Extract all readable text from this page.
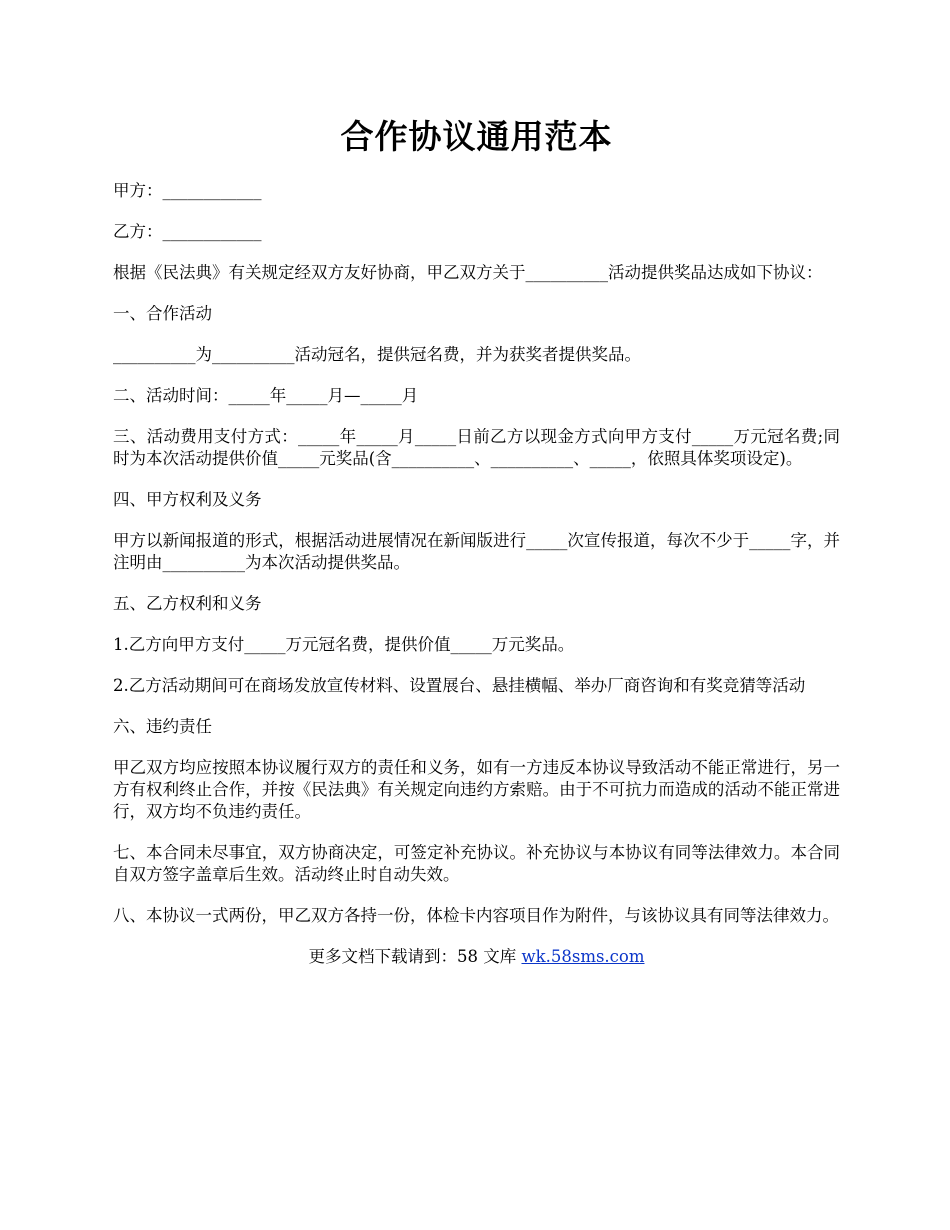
合作协议通用范本

甲方：____________

乙方：____________

根据《民法典》有关规定经双方友好协商，甲乙双方关于__________活动提供奖品达成如下协议：

一、合作活动

__________为__________活动冠名，提供冠名费，并为获奖者提供奖品。

二、活动时间：_____年_____月—_____月

三、活动费用支付方式：_____年_____月_____日前乙方以现金方式向甲方支付_____万元冠名费;同时为本次活动提供价值_____元奖品(含__________、__________、_____，依照具体奖项设定)。

四、甲方权利及义务

甲方以新闻报道的形式，根据活动进展情况在新闻版进行_____次宣传报道，每次不少于_____字，并注明由__________为本次活动提供奖品。

五、乙方权利和义务

1.乙方向甲方支付_____万元冠名费，提供价值_____万元奖品。

2.乙方活动期间可在商场发放宣传材料、设置展台、悬挂横幅、举办厂商咨询和有奖竞猜等活动

六、违约责任

甲乙双方均应按照本协议履行双方的责任和义务，如有一方违反本协议导致活动不能正常进行，另一方有权利终止合作，并按《民法典》有关规定向违约方索赔。由于不可抗力而造成的活动不能正常进行，双方均不负违约责任。

七、本合同未尽事宜，双方协商决定，可签定补充协议。补充协议与本协议有同等法律效力。本合同自双方签字盖章后生效。活动终止时自动失效。

八、本协议一式两份，甲乙双方各持一份，体检卡内容项目作为附件，与该协议具有同等法律效力。

更多文档下载请到：58 文库 wk.58sms.com
